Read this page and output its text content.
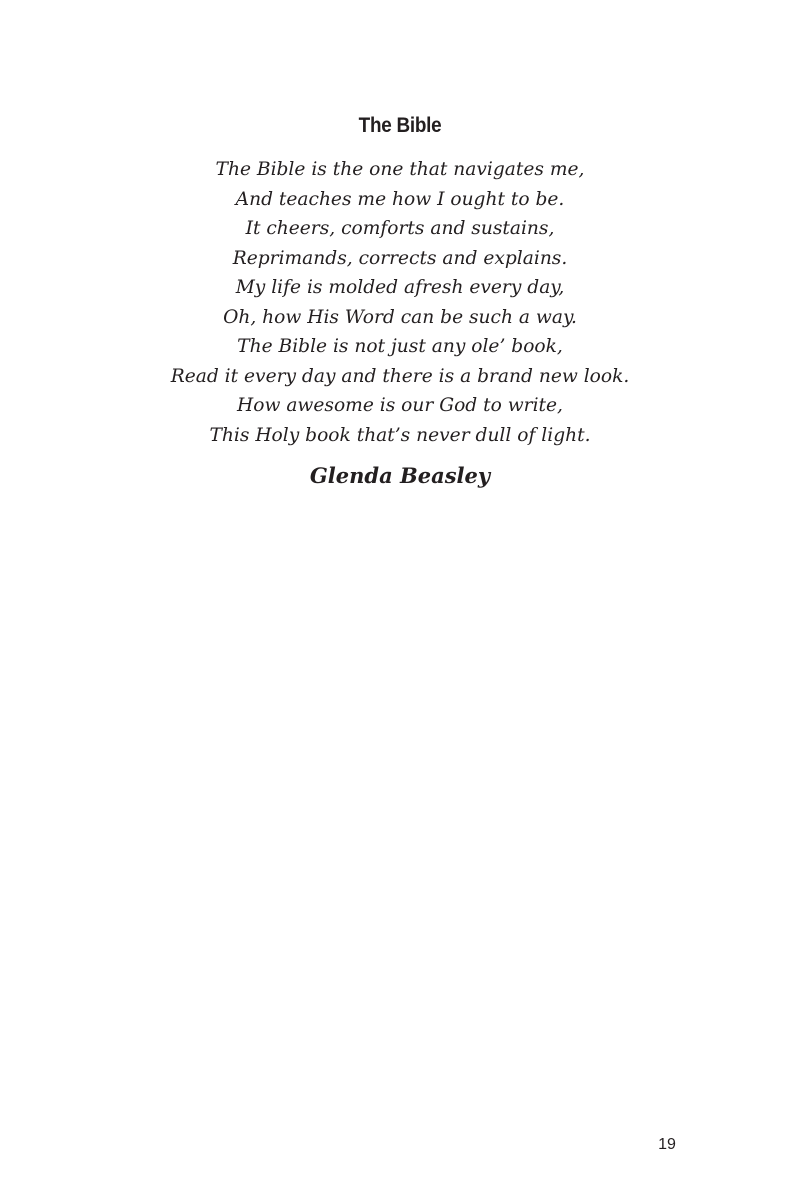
The Bible
The Bible is the one that navigates me,
And teaches me how I ought to be.
It cheers, comforts and sustains,
Reprimands, corrects and explains.
My life is molded afresh every day,
Oh, how His Word can be such a way.
The Bible is not just any ole’ book,
Read it every day and there is a brand new look.
How awesome is our God to write,
This Holy book that’s never dull of light.
Glenda Beasley
19
